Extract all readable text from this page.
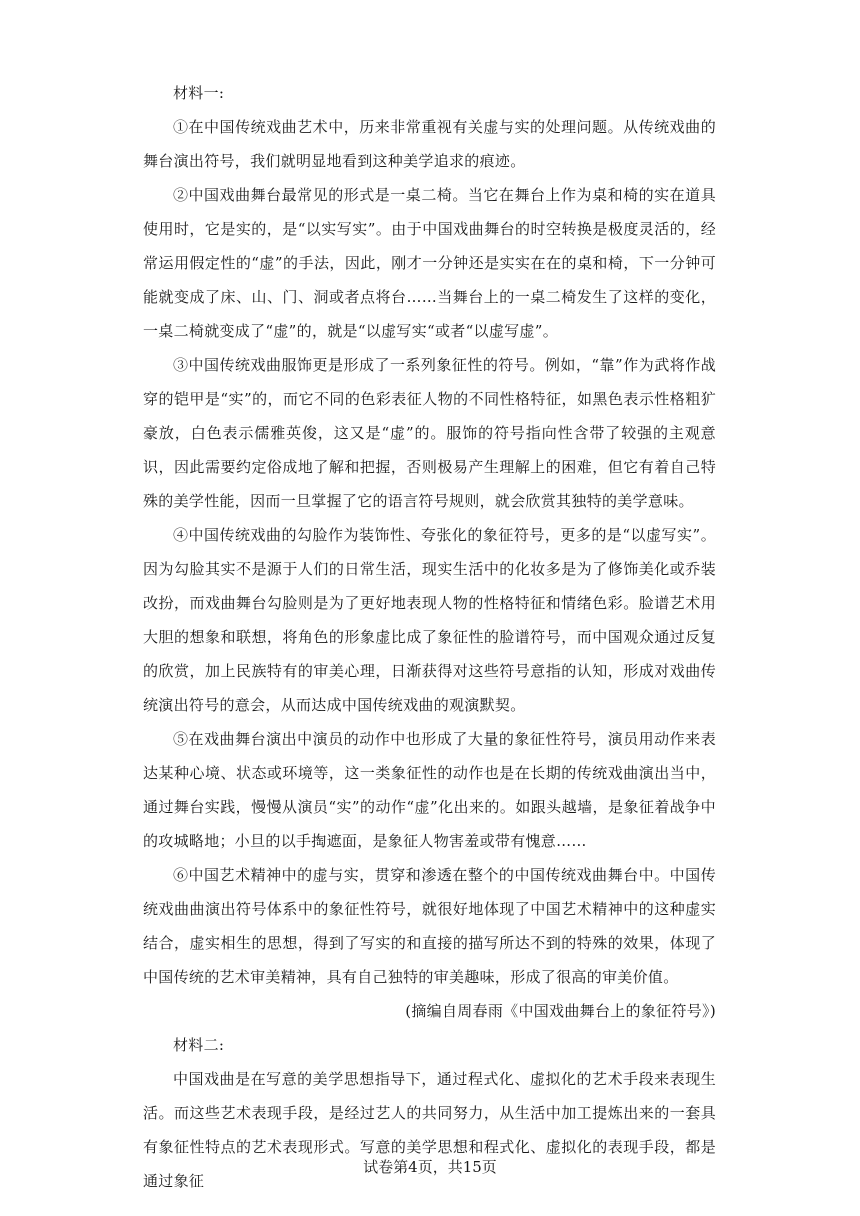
材料一:

①在中国传统戏曲艺术中，历来非常重视有关虚与实的处理问题。从传统戏曲的舞台演出符号，我们就明显地看到这种美学追求的痕迹。

②中国戏曲舞台最常见的形式是一桌二椅。当它在舞台上作为桌和椅的实在道具使用时，它是实的，是“以实写实”。由于中国戏曲舞台的时空转换是极度灵活的，经常运用假定性的“虚”的手法，因此，刚才一分钟还是实实在在的桌和椅，下一分钟可能就变成了床、山、门、洞或者点将台……当舞台上的一桌二椅发生了这样的变化，一桌二椅就变成了“虚”的，就是“以虚写实“或者“以虚写虚”。

③中国传统戏曲服饰更是形成了一系列象征性的符号。例如，“靠”作为武将作战穿的铠甲是“实”的，而它不同的色彩表征人物的不同性格特征，如黑色表示性格粗犷豪放，白色表示儒雅英俊，这又是“虚”的。服饰的符号指向性含带了较强的主观意识，因此需要约定俗成地了解和把握，否则极易产生理解上的困难，但它有着自己特殊的美学性能，因而一旦掌握了它的语言符号规则，就会欣赏其独特的美学意味。

④中国传统戏曲的勾脸作为装饰性、夸张化的象征符号，更多的是“以虚写实”。因为勾脸其实不是源于人们的日常生活，现实生活中的化妆多是为了修饰美化或乔装改扮，而戏曲舞台勾脸则是为了更好地表现人物的性格特征和情绪色彩。脸谱艺术用大胆的想象和联想，将角色的形象虚比成了象征性的脸谱符号，而中国观众通过反复的欣赏，加上民族特有的审美心理，日渐获得对这些符号意指的认知，形成对戏曲传统演出符号的意会，从而达成中国传统戏曲的观演默契。

⑤在戏曲舞台演出中演员的动作中也形成了大量的象征性符号，演员用动作来表达某种心境、状态或环境等，这一类象征性的动作也是在长期的传统戏曲演出当中，通过舞台实践，慢慢从演员“实”的动作“虚”化出来的。如跟头越墙，是象征着战争中的攻城略地；小旦的以手掏遮面，是象征人物害羞或带有愧意……

⑥中国艺术精神中的虚与实，贯穿和渗透在整个的中国传统戏曲舞台中。中国传统戏曲曲演出符号体系中的象征性符号，就很好地体现了中国艺术精神中的这种虚实结合，虚实相生的思想，得到了写实的和直接的描写所达不到的特殊的效果，体现了中国传统的艺术审美精神，具有自己独特的审美趣味，形成了很高的审美价值。

(摘编自周春雨《中国戏曲舞台上的象征符号》)

材料二:

中国戏曲是在写意的美学思想指导下，通过程式化、虚拟化的艺术手段来表现生活。而这些艺术表现手段，是经过艺人的共同努力，从生活中加工提炼出来的一套具有象征性特点的艺术表现形式。写意的美学思想和程式化、虚拟化的表现手段，都是通过象征

试卷第4页，共15页
